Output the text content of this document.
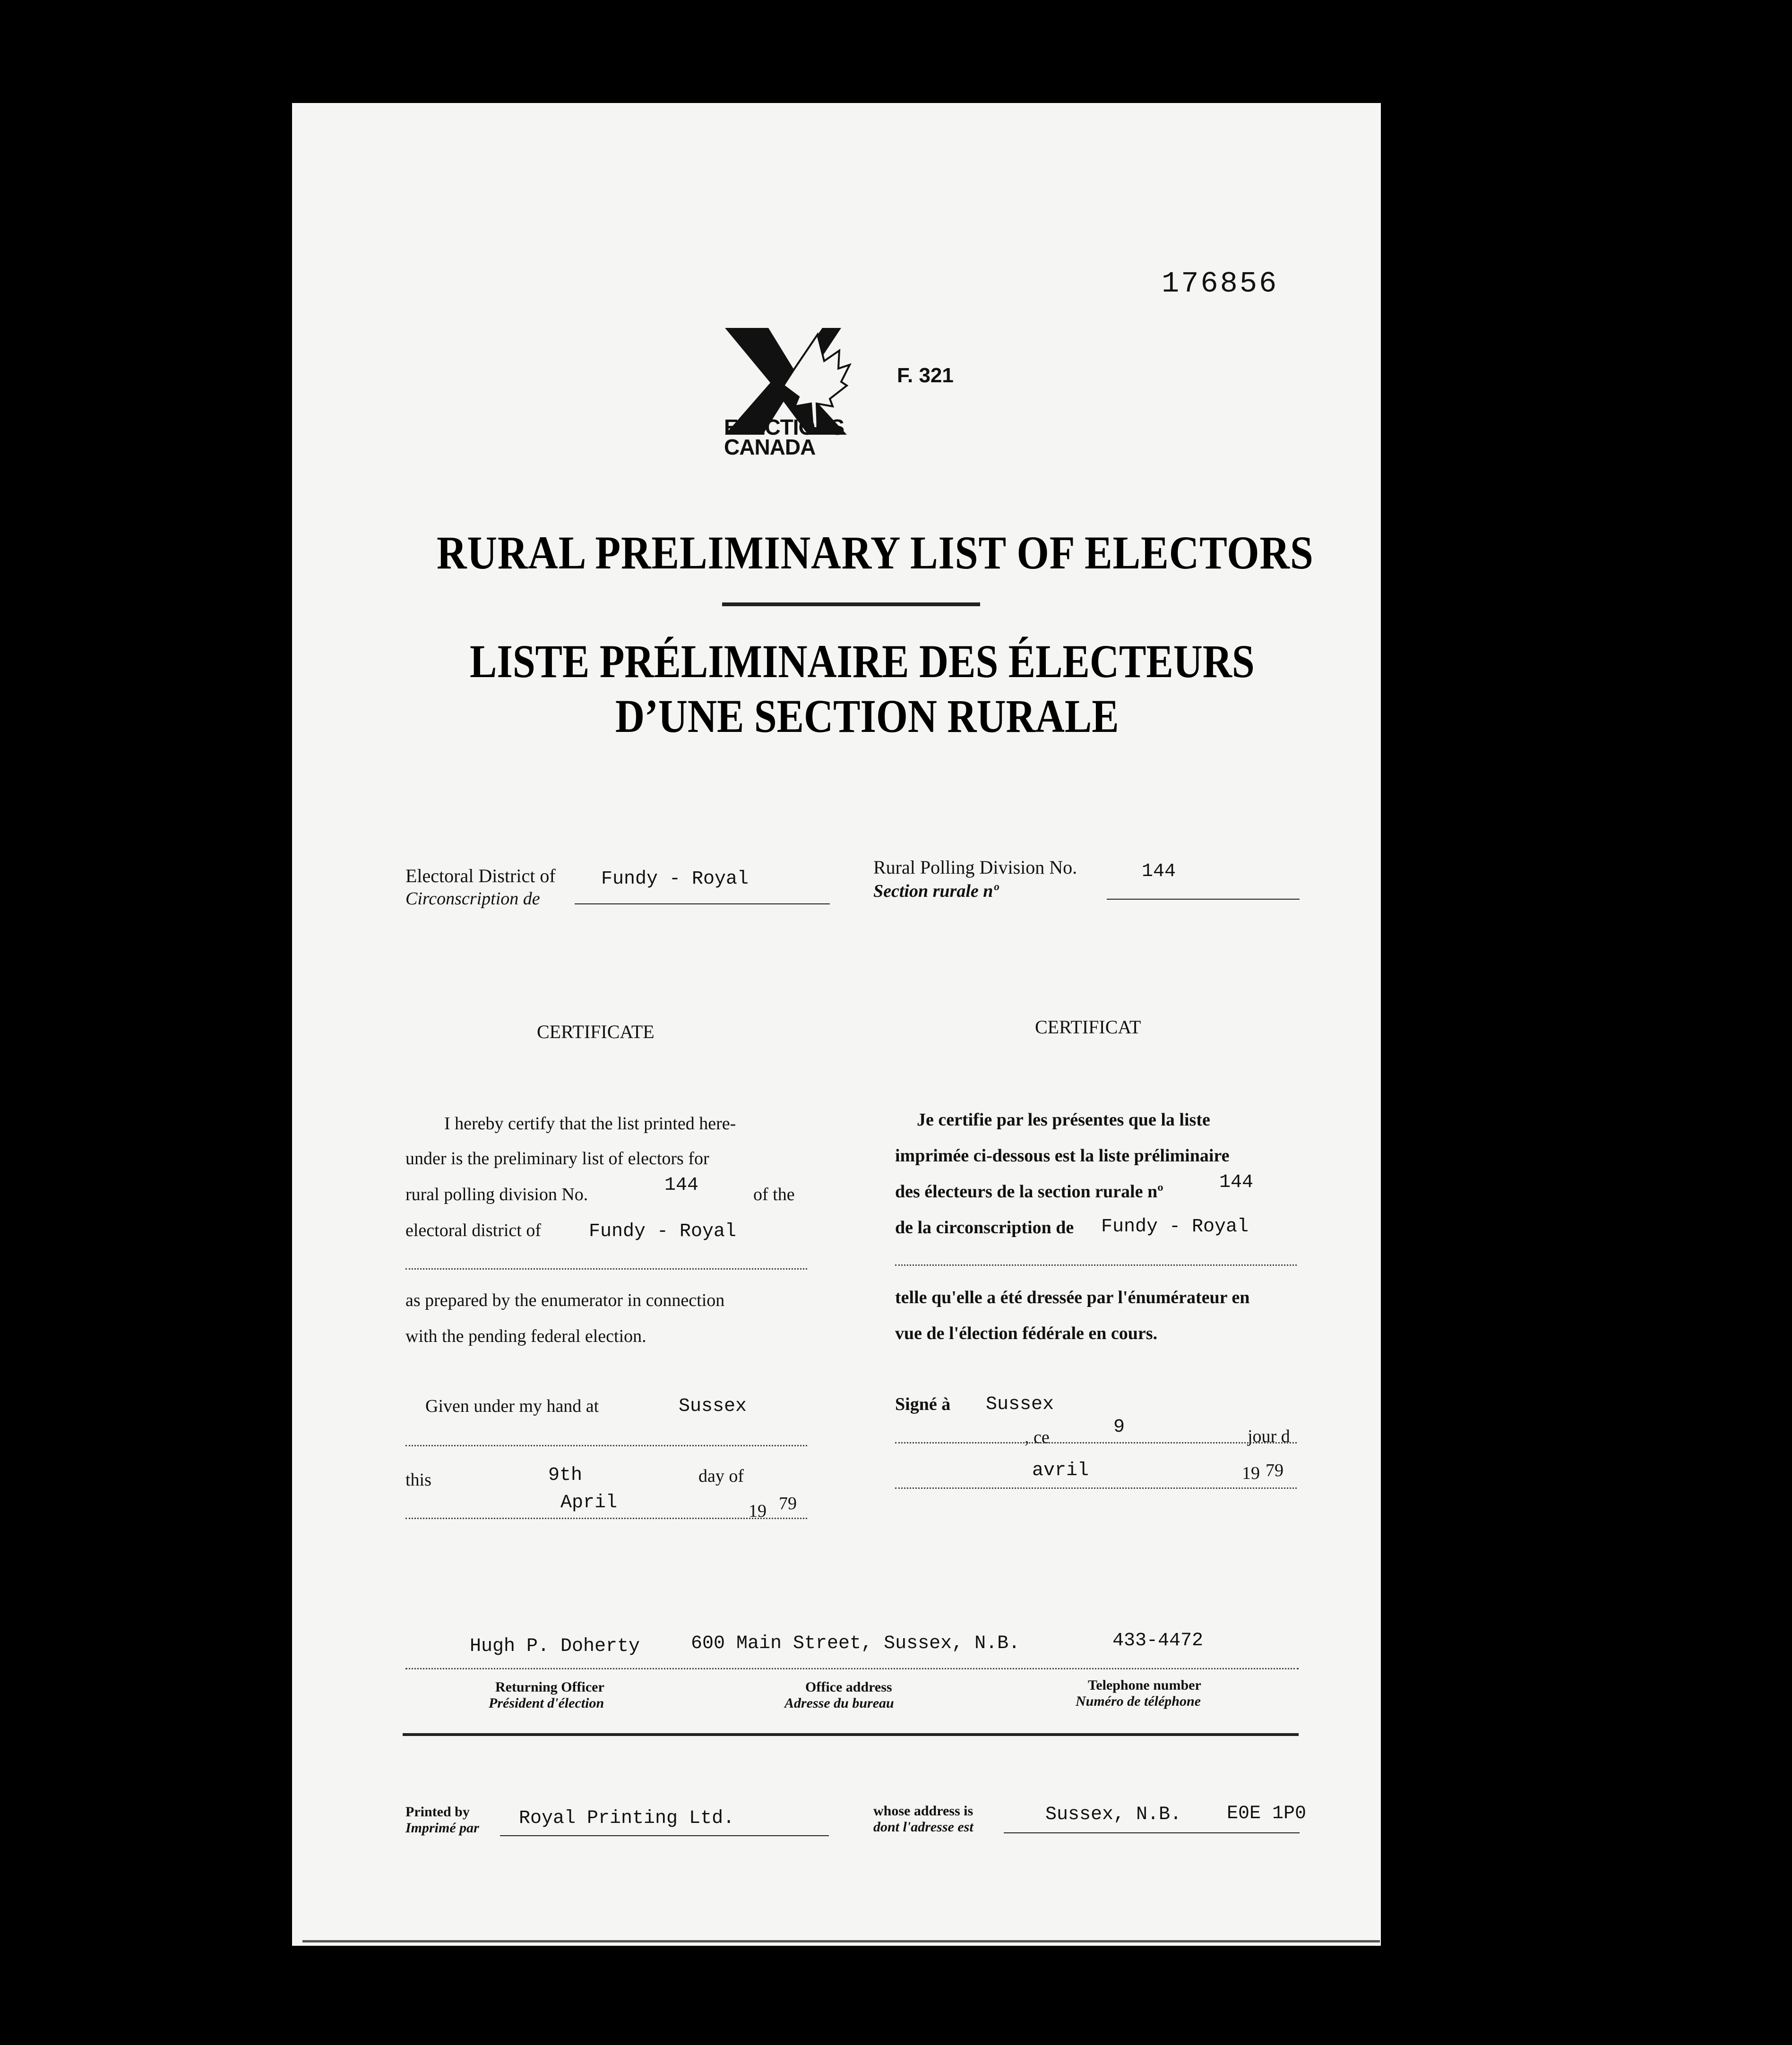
176856
ELECTIONS
CANADA
F. 321
RURAL PRELIMINARY LIST OF ELECTORS
LISTE PRÉLIMINAIRE DES ÉLECTEURS
D’UNE SECTION RURALE
Electoral District of
Circonscription de
Fundy - Royal
Rural Polling Division No.
Section rurale nº
144
CERTIFICATE	CERTIFICAT
I hereby certify that the list printed here-
under is the preliminary list of electors for
rural polling division No.	144	of the
electoral district of	Fundy - Royal
as prepared by the enumerator in connection
with the pending federal election.
Given under my hand at	Sussex
this	9th	day of
April	19 79
Je certifie par les présentes que la liste
imprimée ci-dessous est la liste préliminaire
des électeurs de la section rurale nº	144
de la circonscription de Fundy - Royal
telle qu'elle a été dressée par l'énumérateur en
vue de l'élection fédérale en cours.
Signé à Sussex
, ce	9	jour d
avril	19 79
Hugh P. Doherty	600 Main Street, Sussex, N.B.	433-4472
Returning Officer
Président d'élection
Office address
Adresse du bureau
Telephone number
Numéro de téléphone
Printed by
Imprimé par Royal Printing Ltd.	whose address is
dont l'adresse est
Sussex, N.B. E0E 1P0
